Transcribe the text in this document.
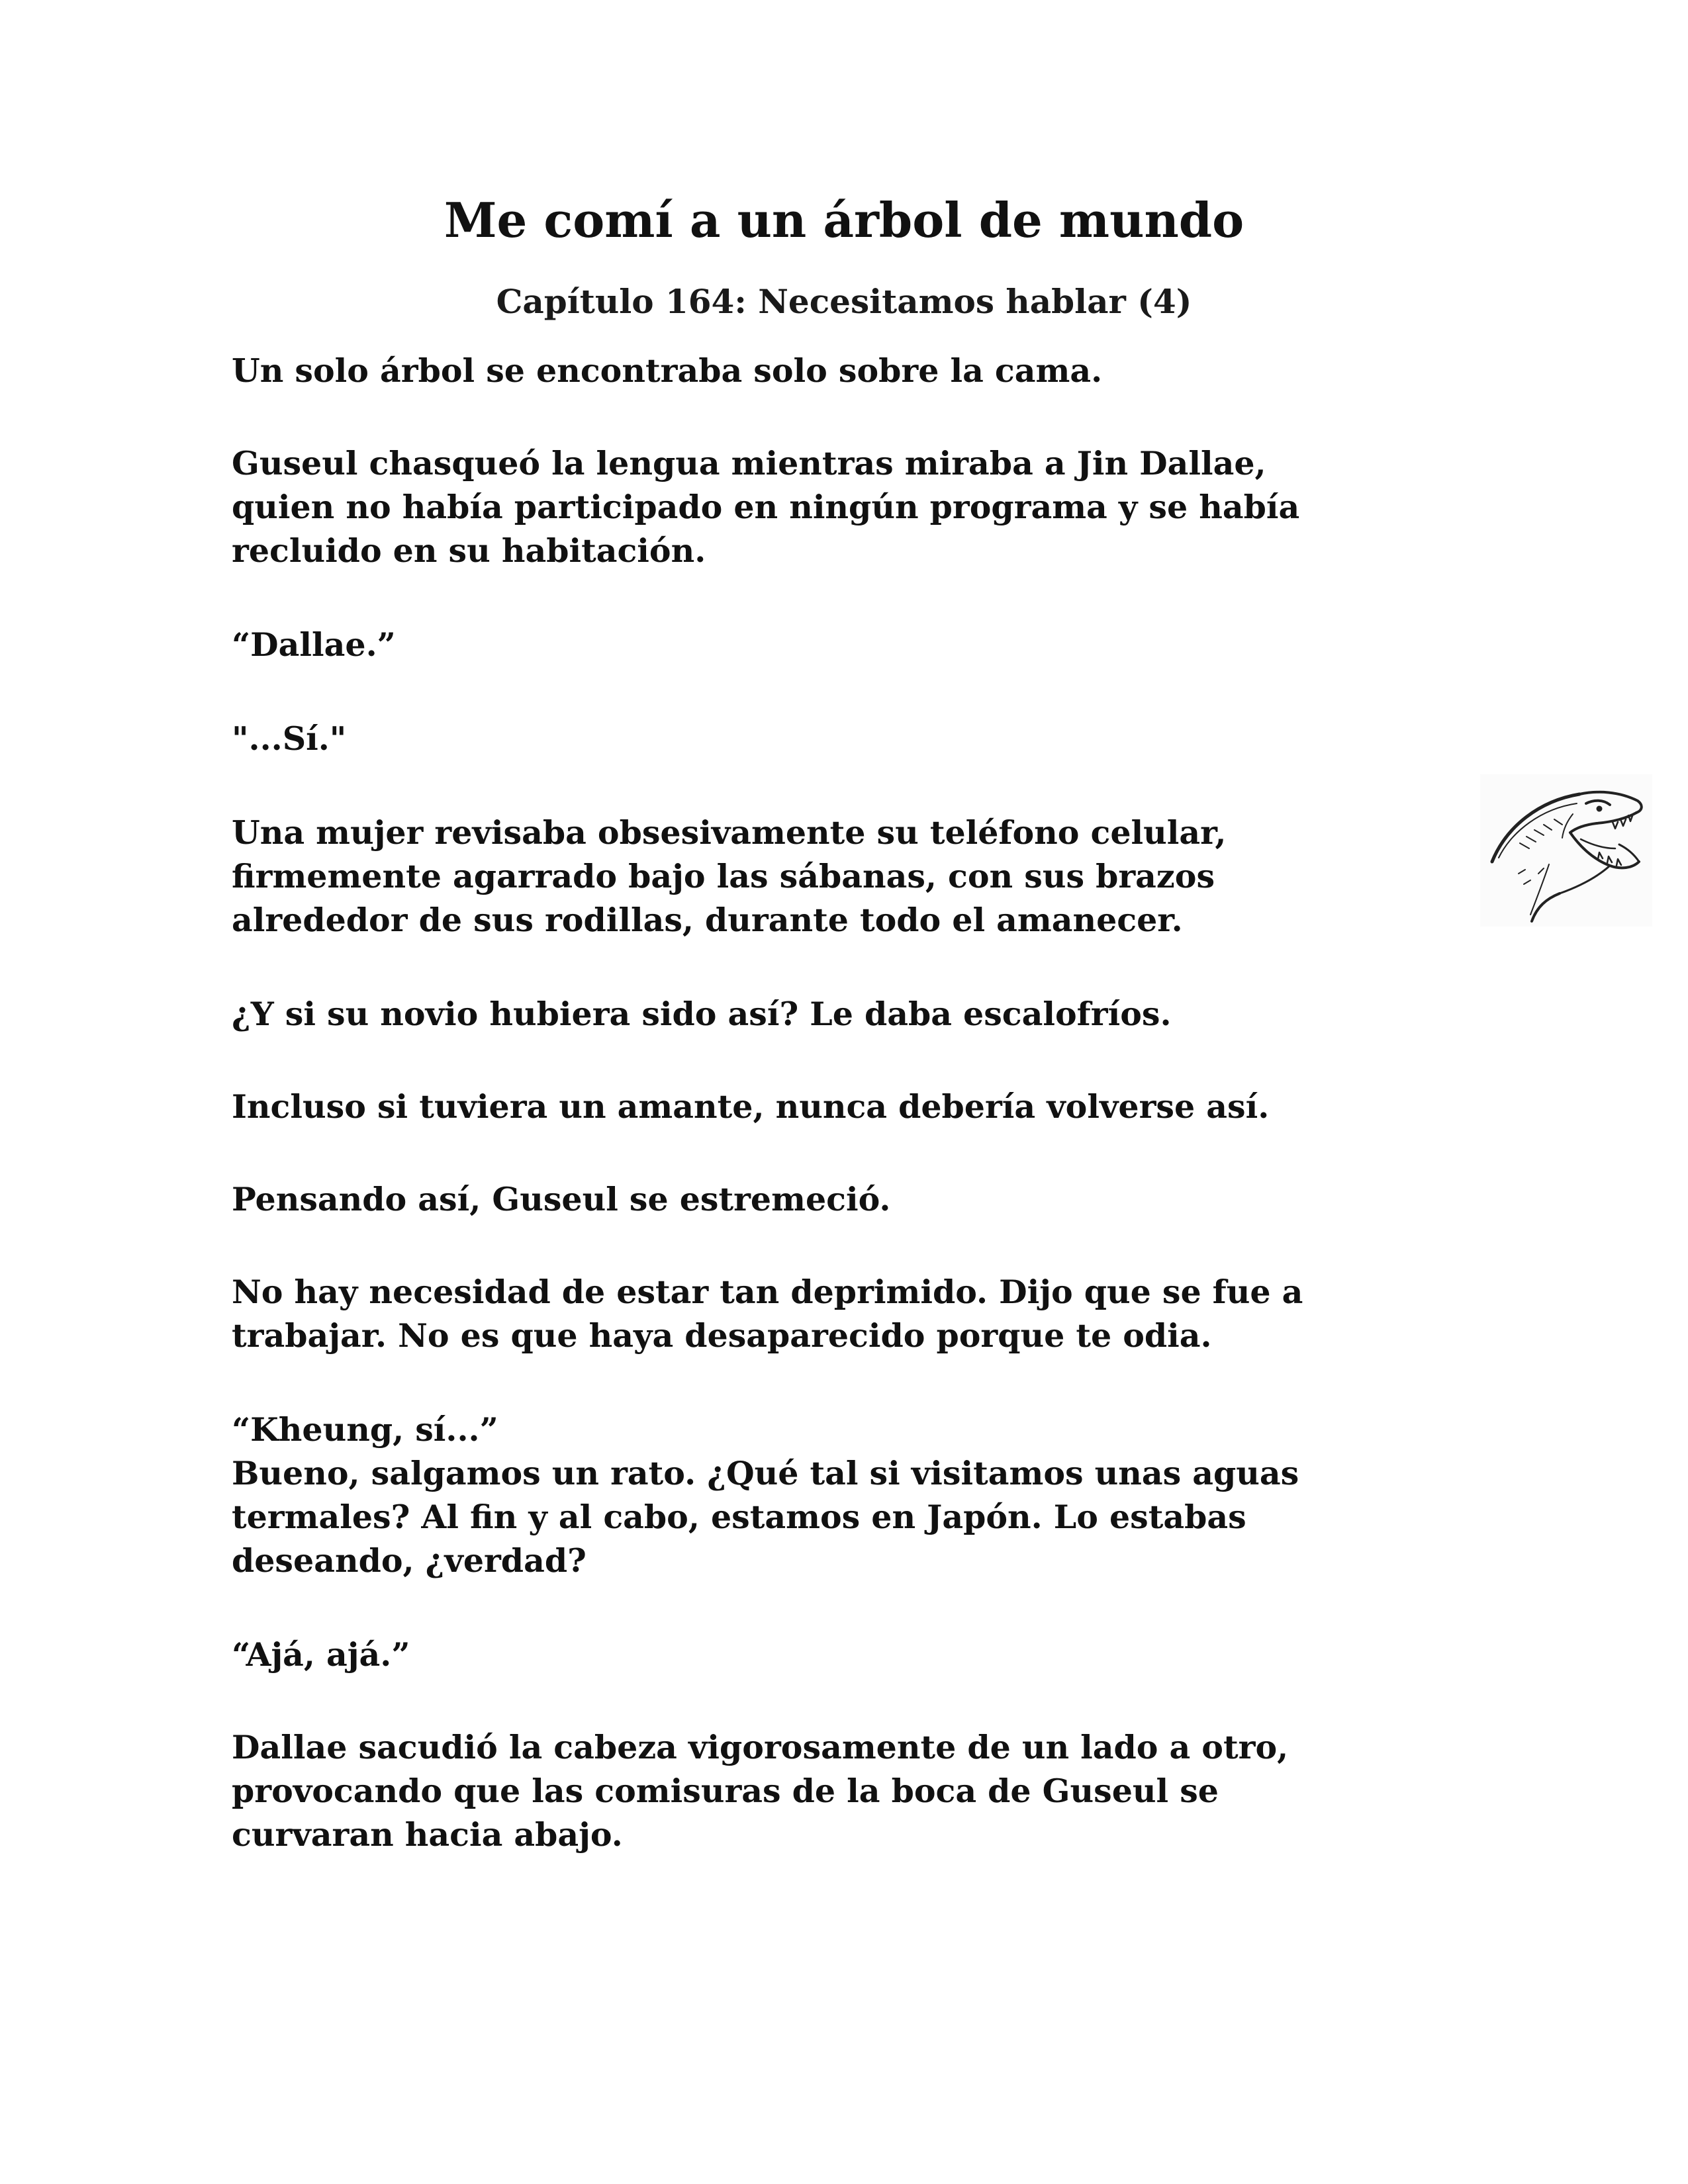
Me comí a un árbol de mundo
Capítulo 164: Necesitamos hablar (4)

Un solo árbol se encontraba solo sobre la cama.

Guseul chasqueó la lengua mientras miraba a Jin Dallae,

quien no había participado en ningún programa y se había

recluido en su habitación.

“Dallae.”

"...Sí."

Una mujer revisaba obsesivamente su teléfono celular,

firmemente agarrado bajo las sábanas, con sus brazos

alrededor de sus rodillas, durante todo el amanecer.

¿Y si su novio hubiera sido así? Le daba escalofríos.

Incluso si tuviera un amante, nunca debería volverse así.

Pensando así, Guseul se estremeció.

No hay necesidad de estar tan deprimido. Dijo que se fue a

trabajar. No es que haya desaparecido porque te odia.

“Kheung, sí...”

Bueno, salgamos un rato. ¿Qué tal si visitamos unas aguas

termales? Al fin y al cabo, estamos en Japón. Lo estabas

deseando, ¿verdad?

“Ajá, ajá.”

Dallae sacudió la cabeza vigorosamente de un lado a otro,

provocando que las comisuras de la boca de Guseul se

curvaran hacia abajo.
